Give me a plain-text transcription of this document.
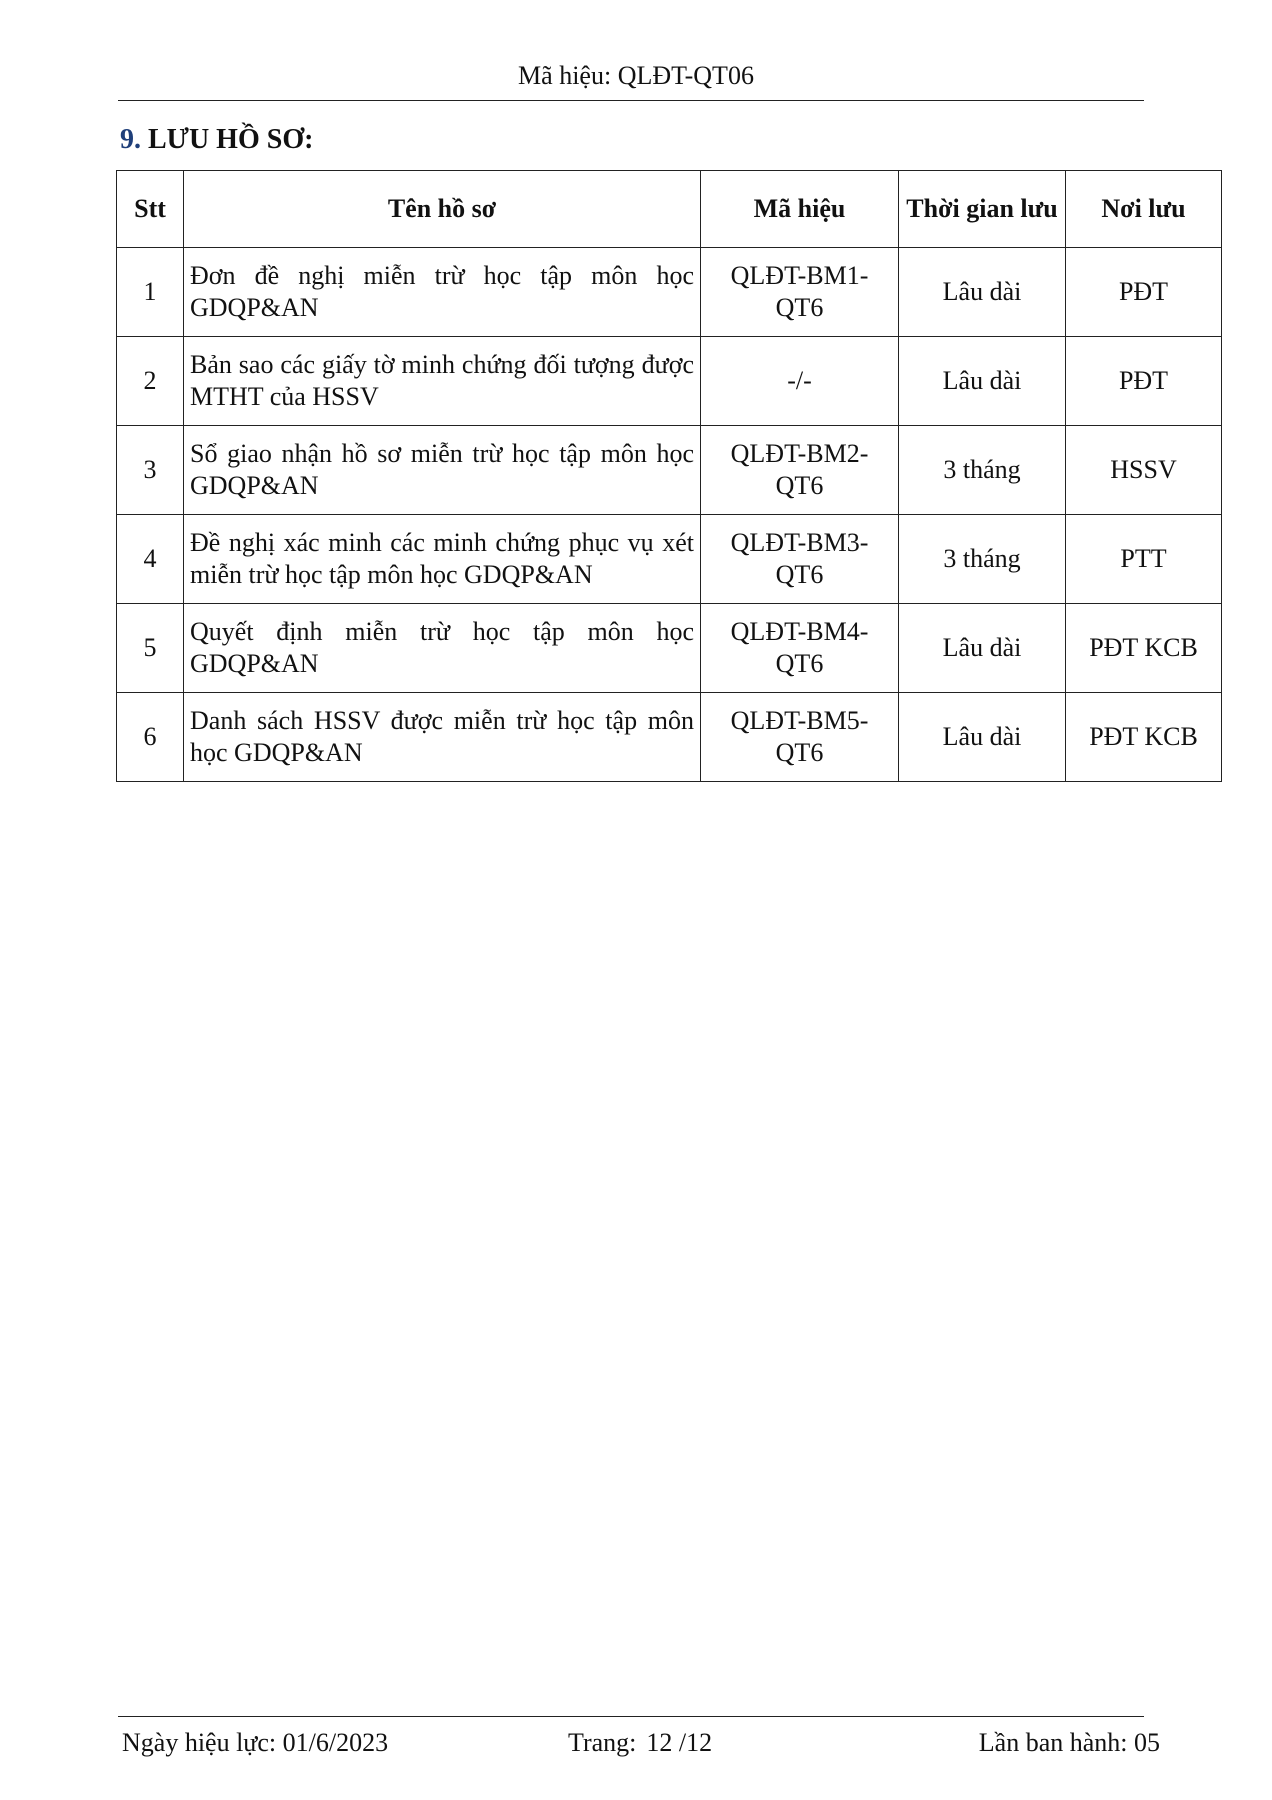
Mã hiệu: QLĐT-QT06
9. LƯU HỒ SƠ:
Stt	Tên hồ sơ	Mã hiệu	Thời gian lưu	Nơi lưu
1	Đơn đề nghị miễn trừ học tập môn học GDQP&AN	QLĐT-BM1-QT6	Lâu dài	PĐT
2	Bản sao các giấy tờ minh chứng đối tượng được MTHT của HSSV	-/-	Lâu dài	PĐT
3	Sổ giao nhận hồ sơ miễn trừ học tập môn học GDQP&AN	QLĐT-BM2-QT6	3 tháng	HSSV
4	Đề nghị xác minh các minh chứng phục vụ xét miễn trừ học tập môn học GDQP&AN	QLĐT-BM3-QT6	3 tháng	PTT
5	Quyết định miễn trừ học tập môn học GDQP&AN	QLĐT-BM4-QT6	Lâu dài	PĐT KCB
6	Danh sách HSSV được miễn trừ học tập môn học GDQP&AN	QLĐT-BM5-QT6	Lâu dài	PĐT KCB
Ngày hiệu lực: 01/6/2023	Trang: 12 /12	Lần ban hành: 05
